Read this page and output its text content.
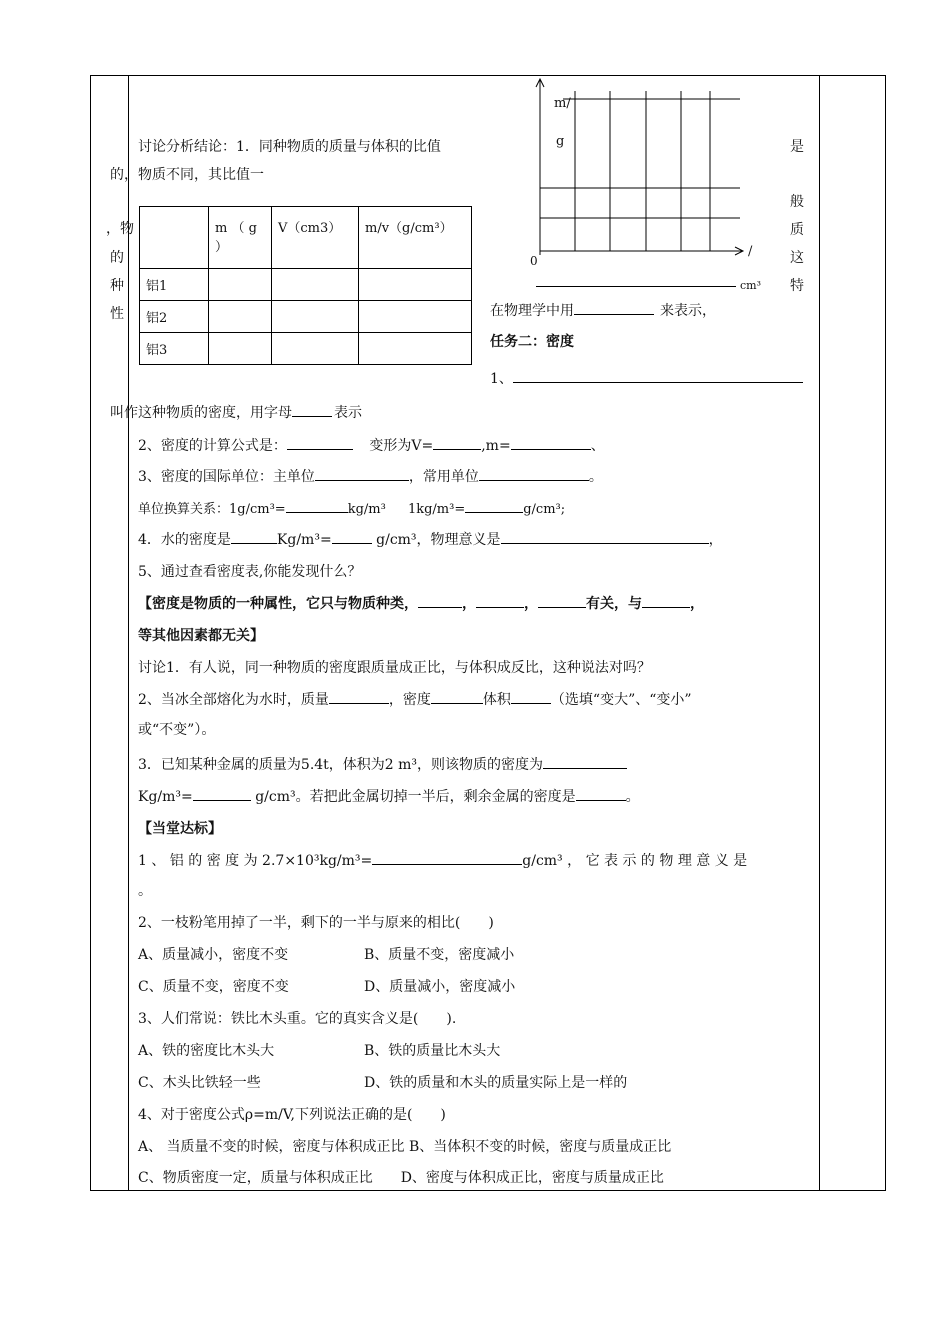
讨论分析结论：1．同种物质的质量与体积的比值
的，物质不同，其比值一
，物
的
种
性
是
般
质
这
特
	m （ g ）	V（cm3）	m/v（g/cm³）
铝1			
铝2			
铝3			
m/
g
0
/
cm³
在物理学中用	来表示，
任务二：密度
1、
叫作这种物质的密度，用字母	表示
2、密度的计算公式是：	变形为V=	,m=	、
3、密度的国际单位：主单位	，常用单位	。
单位换算关系：1g/cm³=	kg/m³ 1kg/m³=	g/cm³;
4．水的密度是	Kg/m³=	g/cm³，物理意义是	，
5、通过查看密度表,你能发现什么？
【密度是物质的一种属性，它只与物质种类，	，	，	有关，与	，
等其他因素都无关】
讨论1．有人说，同一种物质的密度跟质量成正比，与体积成反比，这种说法对吗？
2、当冰全部熔化为水时，质量	，密度	体积	（选填“变大”、“变小”
或“不变”）。
3．已知某种金属的质量为5.4t，体积为2 m³，则该物质的密度为
Kg/m³=	g/cm³。若把此金属切掉一半后，剩余金属的密度是	。
【当堂达标】
1 、 铝 的 密 度 为 2.7×10³kg/m³=	g/cm³ ， 它 表 示 的 物 理 意 义 是
。
2、一枝粉笔用掉了一半，剩下的一半与原来的相比(　　)
A、质量减小，密度不变	B、质量不变，密度减小
C、质量不变，密度不变	D、质量减小，密度减小
3、人们常说：铁比木头重。它的真实含义是(　　).
A、铁的密度比木头大	B、铁的质量比木头大
C、木头比铁轻一些	D、铁的质量和木头的质量实际上是一样的
4、对于密度公式ρ=m/V,下列说法正确的是(　　)
A、 当质量不变的时候，密度与体积成正比 B、当体积不变的时候，密度与质量成正比
C、物质密度一定，质量与体积成正比　　D、密度与体积成正比，密度与质量成正比
